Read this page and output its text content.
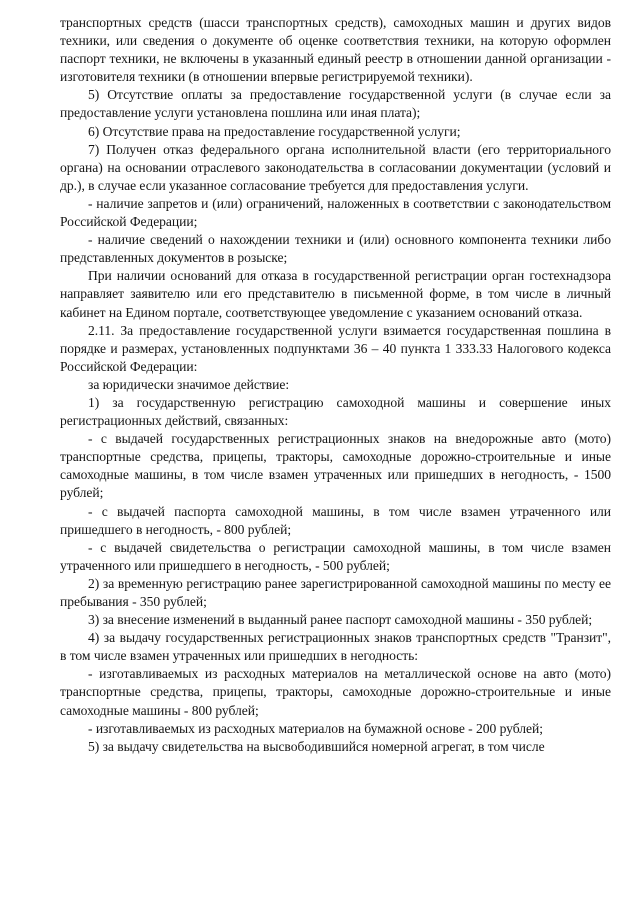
транспортных средств (шасси транспортных средств), самоходных машин и других видов техники, или сведения о документе об оценке соответствия техники, на которую оформлен паспорт техники, не включены в указанный единый реестр в отношении данной организации - изготовителя техники (в отношении впервые регистрируемой техники).

5) Отсутствие оплаты за предоставление государственной услуги (в случае если за предоставление услуги установлена пошлина или иная плата);

6) Отсутствие права на предоставление государственной услуги;

7) Получен отказ федерального органа исполнительной власти (его территориального органа) на основании отраслевого законодательства в согласовании документации (условий и др.), в случае если указанное согласование требуется для предоставления услуги.

- наличие запретов и (или) ограничений, наложенных в соответствии с законодательством Российской Федерации;

- наличие сведений о нахождении техники и (или) основного компонента техники либо представленных документов в розыске;

При наличии оснований для отказа в государственной регистрации орган гостехнадзора направляет заявителю или его представителю в письменной форме, в том числе в личный кабинет на Едином портале, соответствующее уведомление с указанием оснований отказа.

2.11. За предоставление государственной услуги взимается государственная пошлина в порядке и размерах, установленных подпунктами 36 – 40 пункта 1 333.33 Налогового кодекса Российской Федерации:

за юридически значимое действие:

1) за государственную регистрацию самоходной машины и совершение иных регистрационных действий, связанных:

- с выдачей государственных регистрационных знаков на внедорожные авто (мото) транспортные средства, прицепы, тракторы, самоходные дорожно-строительные и иные самоходные машины, в том числе взамен утраченных или пришедших в негодность, - 1500 рублей;

- с выдачей паспорта самоходной машины, в том числе взамен утраченного или пришедшего в негодность, - 800 рублей;

- с выдачей свидетельства о регистрации самоходной машины, в том числе взамен утраченного или пришедшего в негодность, - 500 рублей;

2) за временную регистрацию ранее зарегистрированной самоходной машины по месту ее пребывания - 350 рублей;

3) за внесение изменений в выданный ранее паспорт самоходной машины - 350 рублей;

4) за выдачу государственных регистрационных знаков транспортных средств "Транзит", в том числе взамен утраченных или пришедших в негодность:

- изготавливаемых из расходных материалов на металлической основе на авто (мото) транспортные средства, прицепы, тракторы, самоходные дорожно-строительные и иные самоходные машины - 800 рублей;

- изготавливаемых из расходных материалов на бумажной основе - 200 рублей;

5) за выдачу свидетельства на высвободившийся номерной агрегат, в том числе
